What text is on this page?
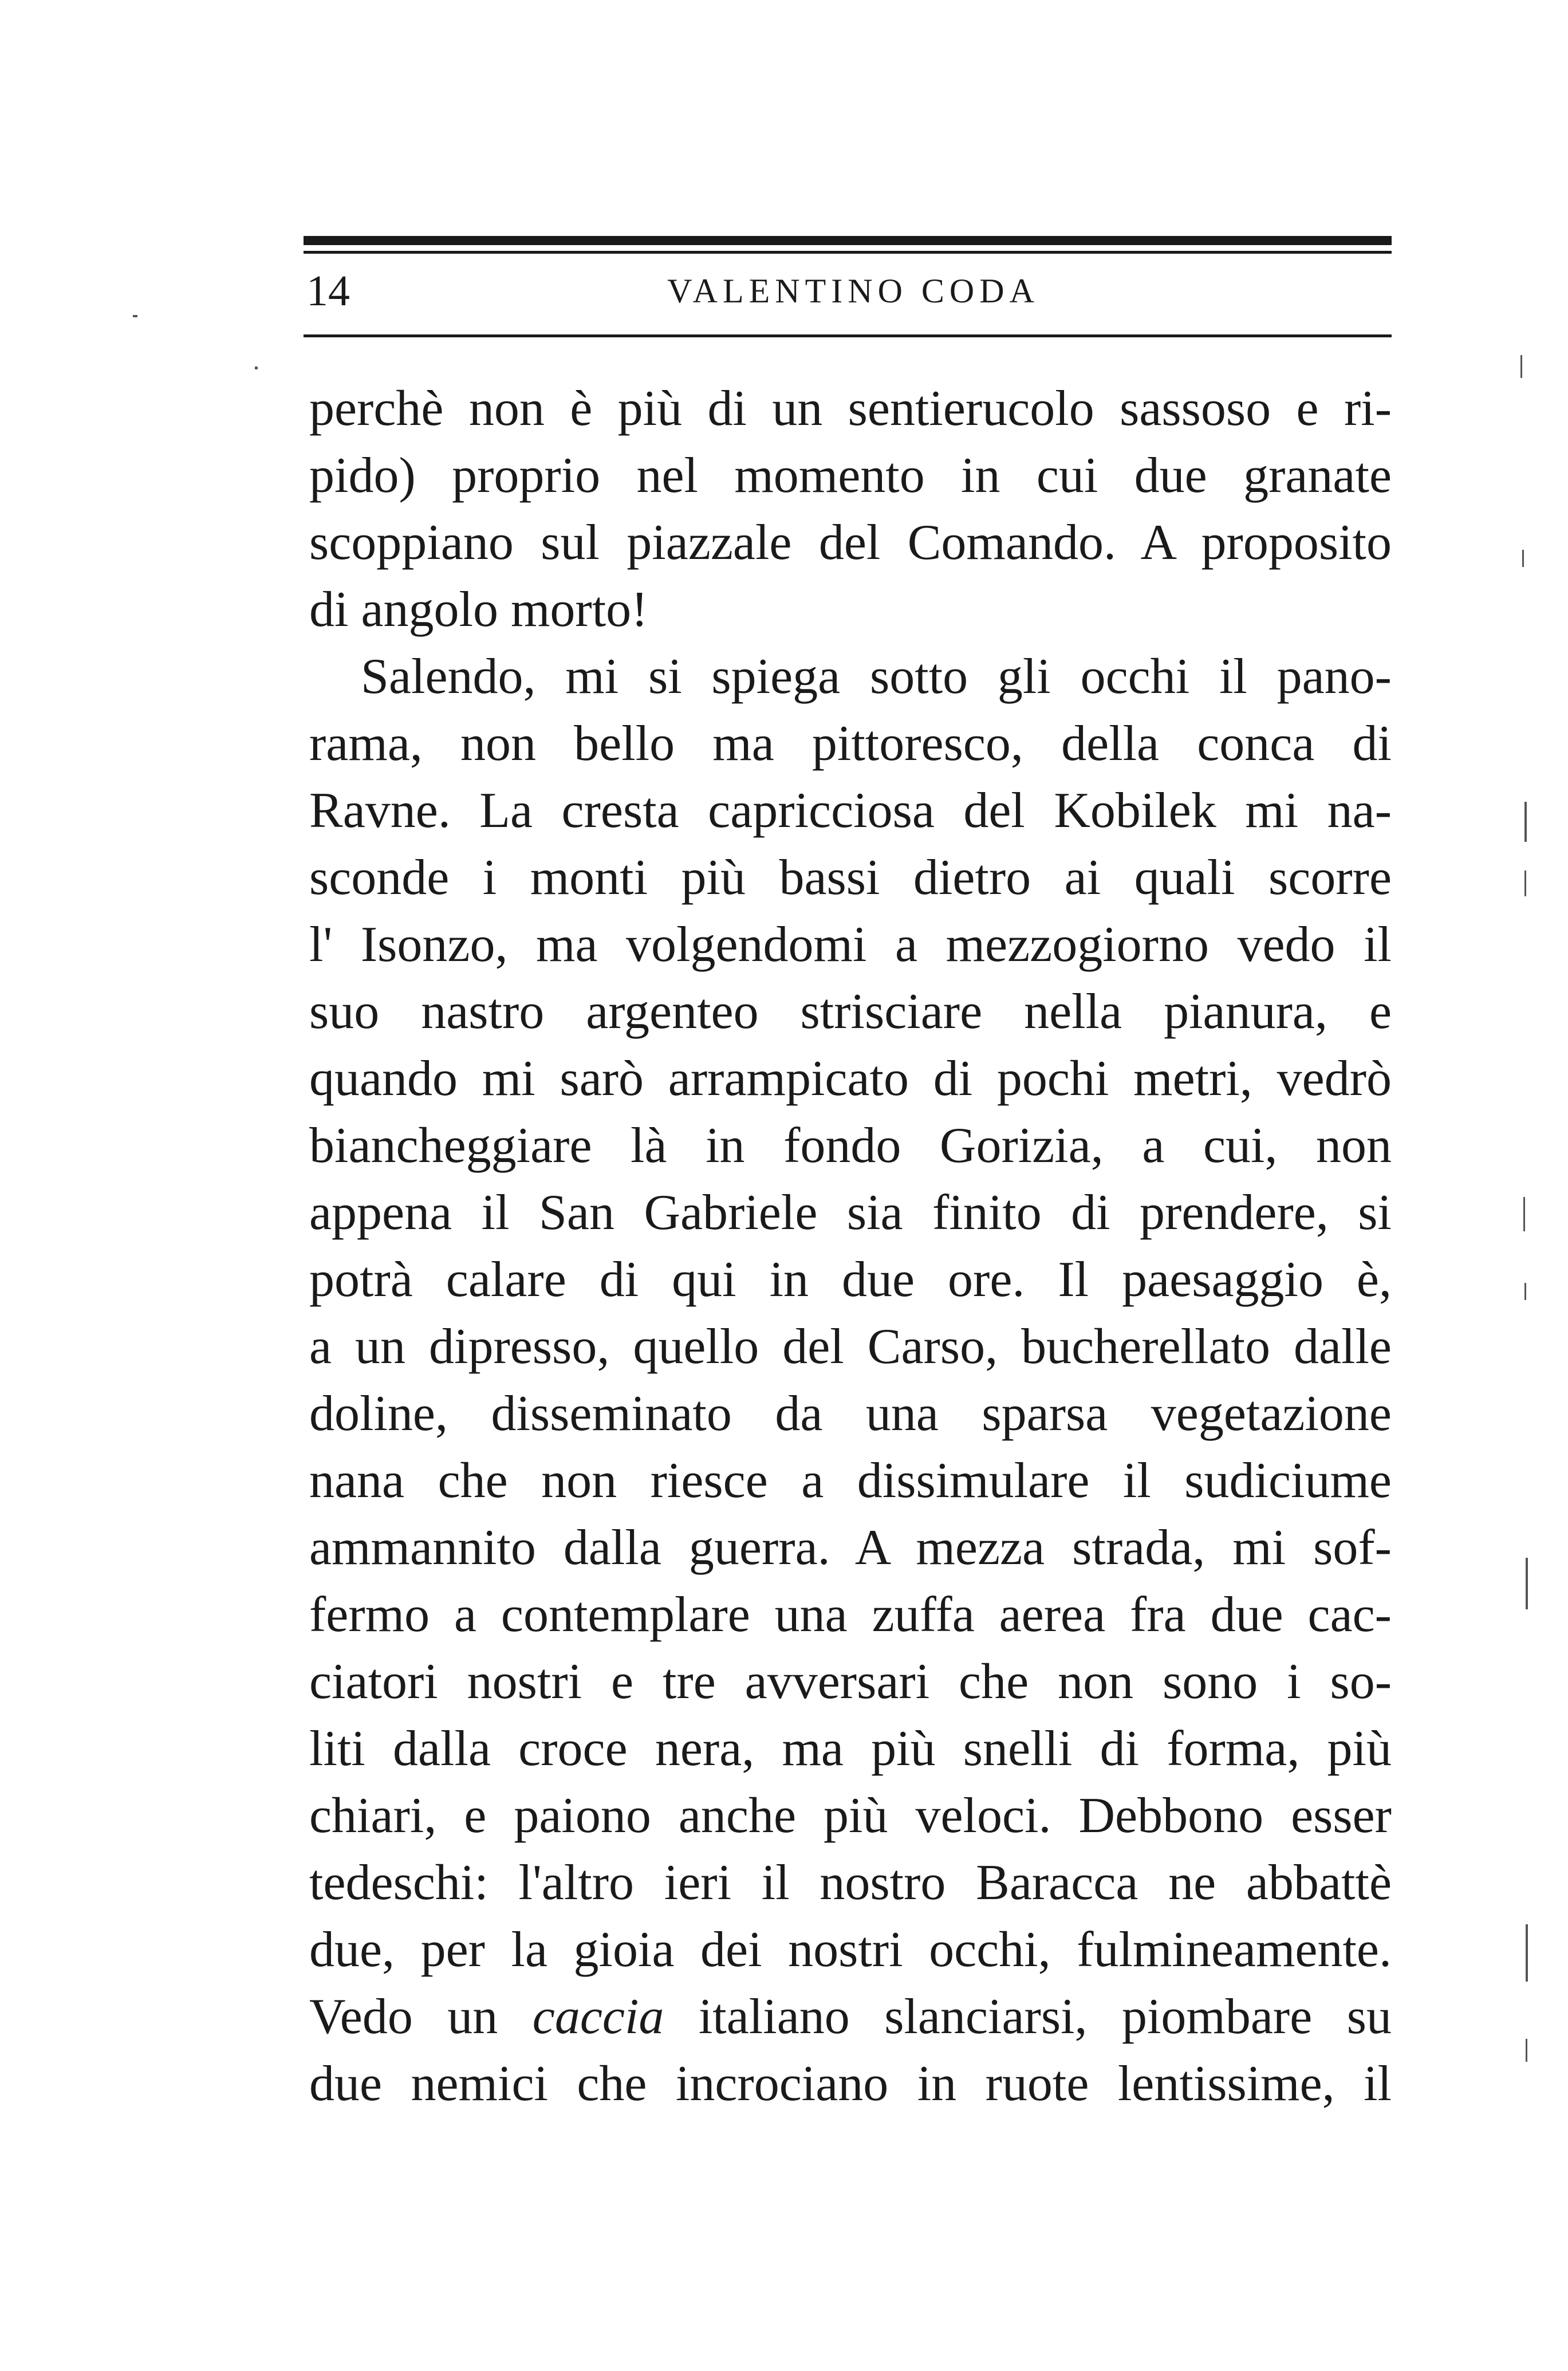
14	VALENTINO CODA
perchè non è più di un sentierucolo sassoso e ri-
pido) proprio nel momento in cui due granate
scoppiano sul piazzale del Comando. A proposito
di angolo morto!
Salendo, mi si spiega sotto gli occhi il pano-
rama, non bello ma pittoresco, della conca di
Ravne. La cresta capricciosa del Kobilek mi na-
sconde i monti più bassi dietro ai quali scorre
l' Isonzo, ma volgendomi a mezzogiorno vedo il
suo nastro argenteo strisciare nella pianura, e
quando mi sarò arrampicato di pochi metri, vedrò
biancheggiare là in fondo Gorizia, a cui, non
appena il San Gabriele sia finito di prendere, si
potrà calare di qui in due ore. Il paesaggio è,
a un dipresso, quello del Carso, bucherellato dalle
doline, disseminato da una sparsa vegetazione
nana che non riesce a dissimulare il sudiciume
ammannito dalla guerra. A mezza strada, mi sof-
fermo a contemplare una zuffa aerea fra due cac-
ciatori nostri e tre avversari che non sono i so-
liti dalla croce nera, ma più snelli di forma, più
chiari, e paiono anche più veloci. Debbono esser
tedeschi: l'altro ieri il nostro Baracca ne abbattè
due, per la gioia dei nostri occhi, fulmineamente.
Vedo un caccia italiano slanciarsi, piombare su
due nemici che incrociano in ruote lentissime, il
